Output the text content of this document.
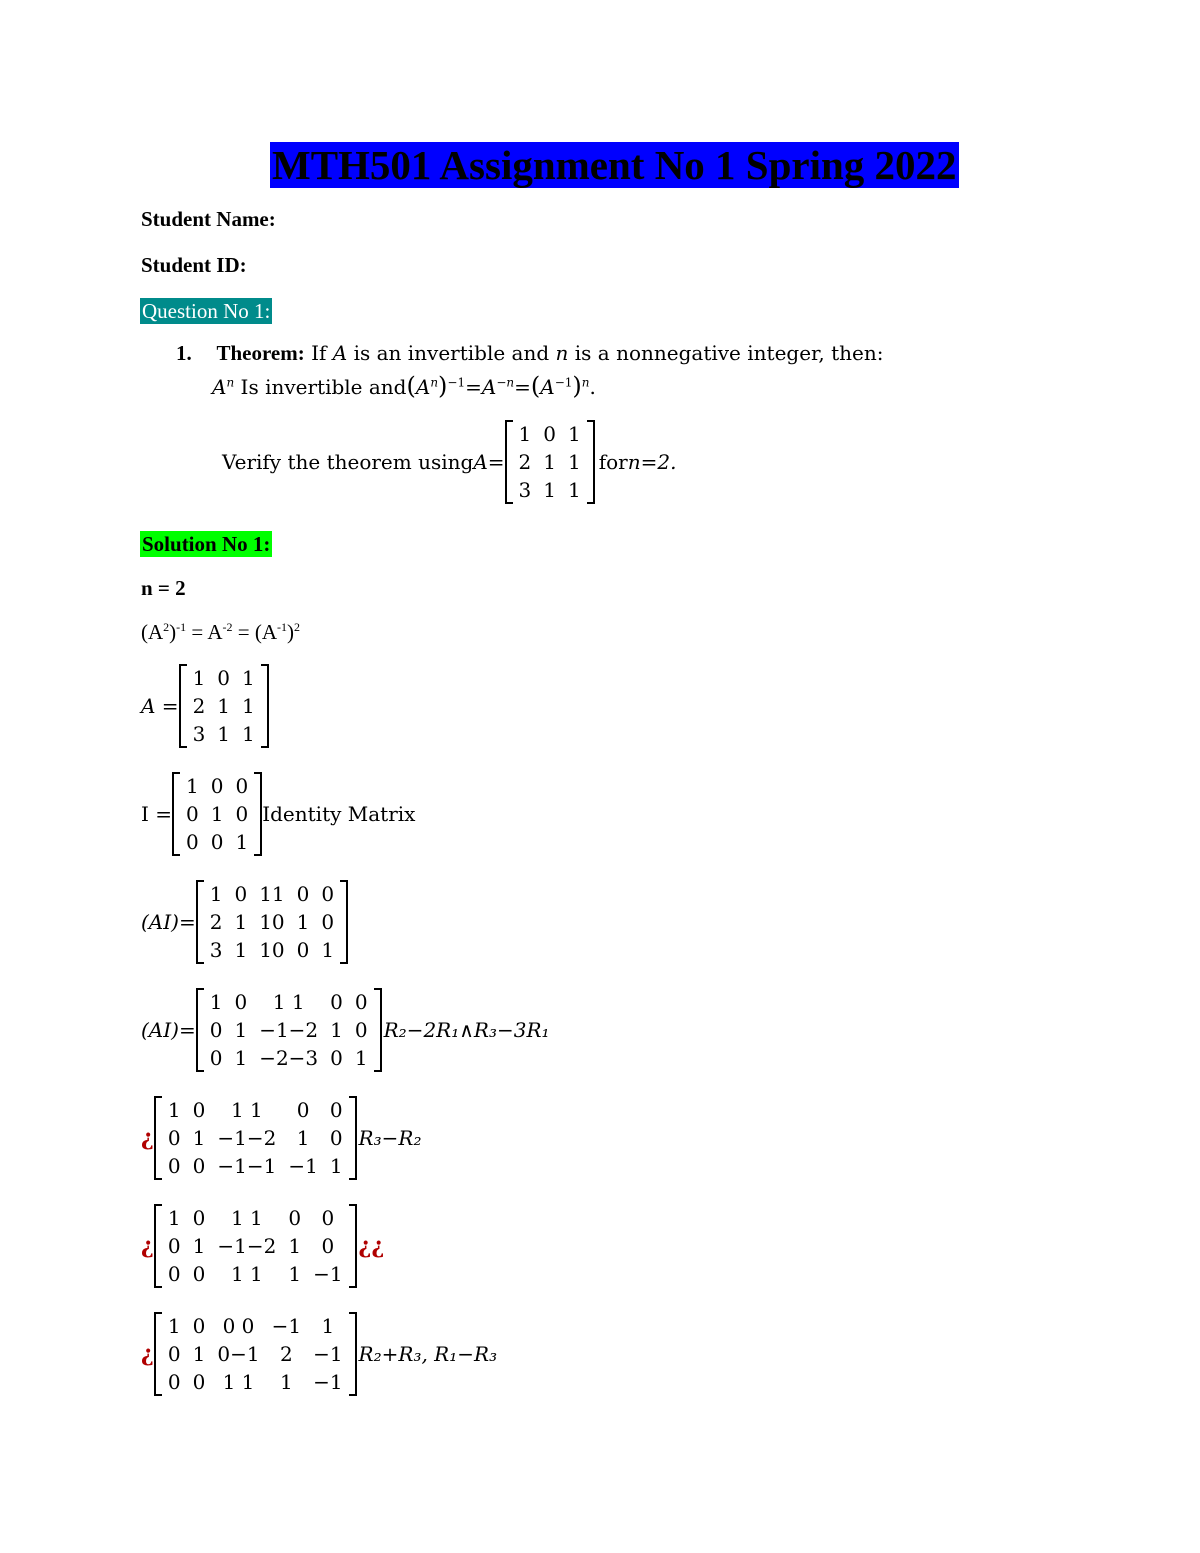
MTH501 Assignment No 1 Spring 2022
Student Name:
Student ID:
Question No 1:
1. Theorem: If A is an invertible and n is a nonnegative integer, then:
$A^n$ Is invertible $and(A^n)^{-1}=A^{-n}=(A^{-1})^n$.
Verify the theorem using A=
1	0	1
2	1	1
3	1	1
for n=2.
Solution No 1:
n = 2
$(A^2)^{-1} = A^{-2} = (A^{-1})^2$
A =
1	0	1
2	1	1
3	1	1
I =
1	0	0
0	1	0
0	0	1
Identity Matrix
(AI)=
1	0	11	0	0
2	1	10	1	0
3	1	10	0	1
(AI)=
1	0	1 1	0	0
0	1	−1−2	1	0
0	1	−2−3	0	1
R₂−2R₁∧R₃−3R₁
¿
1	0	1 1	0	0
0	1	−1−2	1	0
0	0	−1−1	−1	1
R₃−R₂
¿
1	0	1 1	0	0
0	1	−1−2	1	0
0	0	1 1	1	−1
¿¿
¿
1	0	0 0	−1	1
0	1	0−1	2	−1
0	0	1 1	1	−1
R₂+R₃, R₁−R₃
